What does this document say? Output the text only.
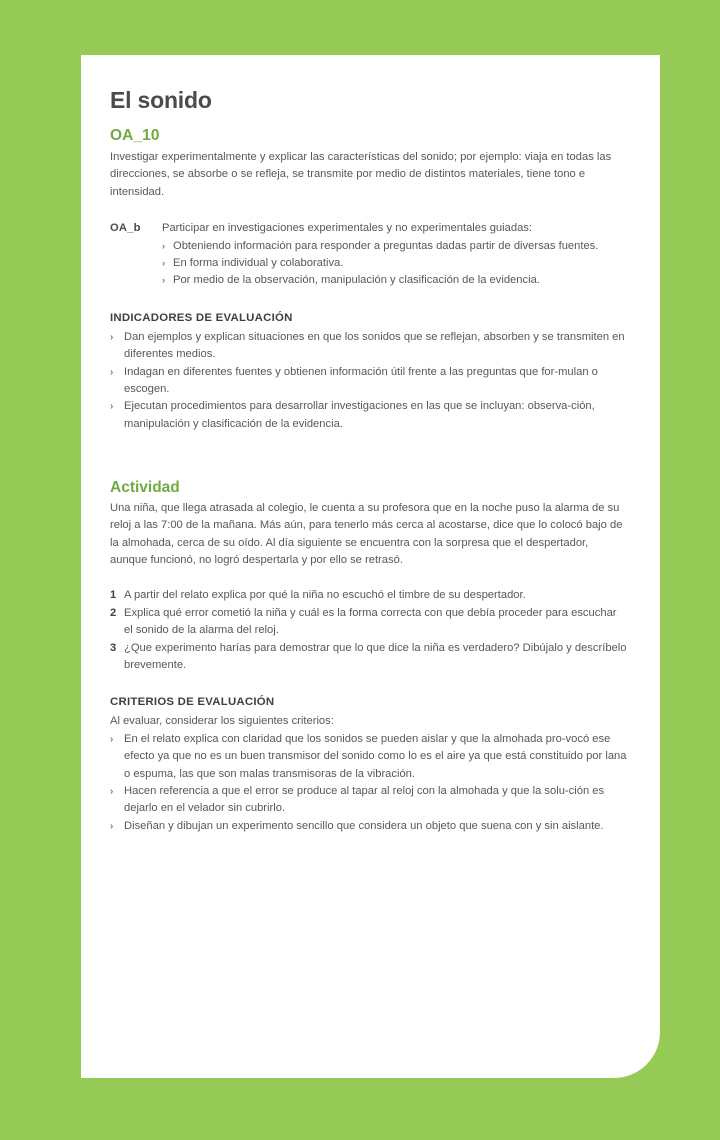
El sonido
OA_10

Investigar experimentalmente y explicar las características del sonido; por ejemplo: viaja en todas las direcciones, se absorbe o se refleja, se transmite por medio de distintos materiales, tiene tono e intensidad.

OA_b	Participar en investigaciones experimentales y no experimentales guiadas:
› Obteniendo información para responder a preguntas dadas partir de diversas fuentes.
› En forma individual y colaborativa.
› Por medio de la observación, manipulación y clasificación de la evidencia.
INDICADORES DE EVALUACIÓN
› Dan ejemplos y explican situaciones en que los sonidos que se reflejan, absorben y se transmiten en diferentes medios.
› Indagan en diferentes fuentes y obtienen información útil frente a las preguntas que for-mulan o escogen.
› Ejecutan procedimientos para desarrollar investigaciones en las que se incluyan: observa-ción, manipulación y clasificación de la evidencia.
Actividad

Una niña, que llega atrasada al colegio, le cuenta a su profesora que en la noche puso la alarma de su reloj a las 7:00 de la mañana. Más aún, para tenerlo más cerca al acostarse, dice que lo colocó bajo de la almohada, cerca de su oído. Al día siguiente se encuentra con la sorpresa que el despertador, aunque funcionó, no logró despertarla y por ello se retrasó.

1 A partir del relato explica por qué la niña no escuchó el timbre de su despertador.
2 Explica qué error cometió la niña y cuál es la forma correcta con que debía proceder para escuchar el sonido de la alarma del reloj.
3 ¿Que experimento harías para demostrar que lo que dice la niña es verdadero? Dibújalo y descríbelo brevemente.
CRITERIOS DE EVALUACIÓN

Al evaluar, considerar los siguientes criterios:

› En el relato explica con claridad que los sonidos se pueden aislar y que la almohada pro-vocó ese efecto ya que no es un buen transmisor del sonido como lo es el aire ya que está constituido por lana o espuma, las que son malas transmisoras de la vibración.
› Hacen referencia a que el error se produce al tapar al reloj con la almohada y que la solu-ción es dejarlo en el velador sin cubrirlo.
› Diseñan y dibujan un experimento sencillo que considera un objeto que suena con y sin aislante.
